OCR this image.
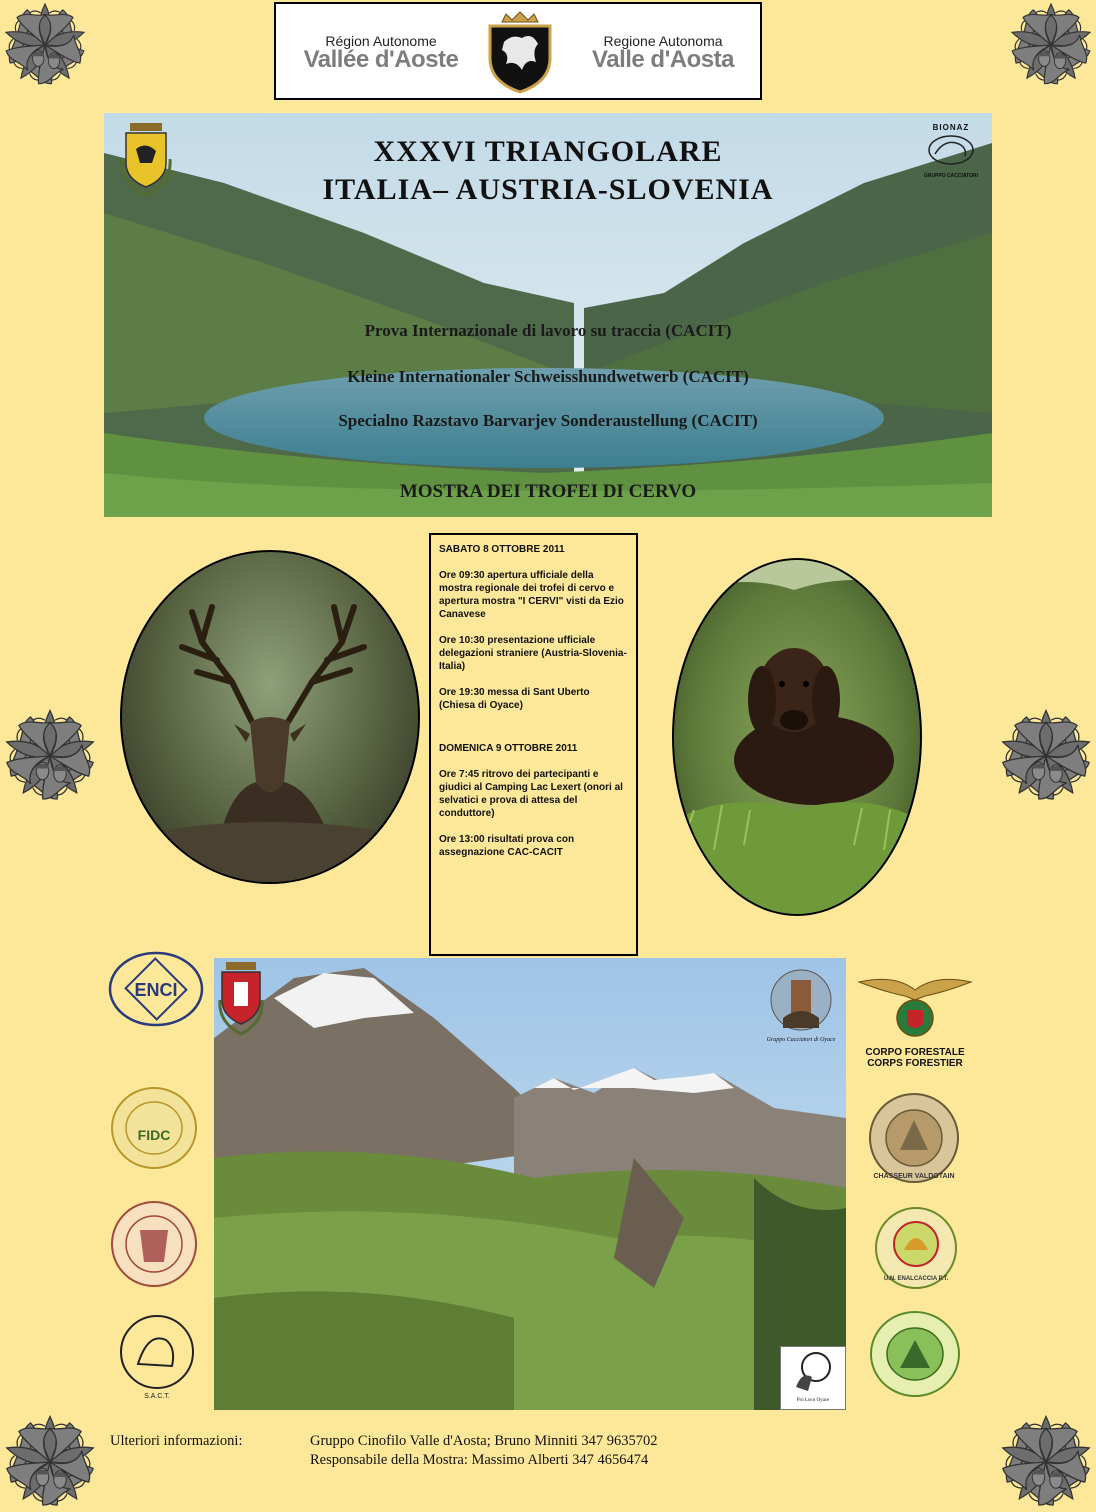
Région Autonome
Vallée d'Aoste
Regione Autonoma
Valle d'Aosta
BIONAZ
GRUPPO CACCIATORI
XXXVI TRIANGOLARE
ITALIA– AUSTRIA-SLOVENIA
Prova Internazionale di lavoro su traccia (CACIT)
Kleine Internationaler Schweisshundwetwerb (CACIT)
Specialno Razstavo Barvarjev Sonderaustellung (CACIT)
MOSTRA DEI TROFEI DI CERVO

SABATO 8 OTTOBRE 2011

Ore 09:30 apertura ufficiale della mostra regionale dei trofei di cervo e apertura mostra "I CERVI" visti da Ezio Canavese

Ore 10:30 presentazione ufficiale delegazioni straniere (Austria-Slovenia-Italia)

Ore 19:30 messa di Sant Uberto (Chiesa di Oyace)

DOMENICA 9 OTTOBRE 2011

Ore 7:45 ritrovo dei partecipanti e giudici al Camping Lac Lexert (onori al selvatici e prova di attesa del conduttore)

Ore 13:00 risultati prova con assegnazione CAC-CACIT

Gruppo Cacciatori di Oyace
Pro Loco Oyace
ENCI
FIDC
S.A.C.T.
CORPO FORESTALE
CORPS FORESTIER
CHASSEUR VALDOTAIN
U.N. ENALCACCIA P.T.
Ulteriori informazioni:	Gruppo Cinofilo Valle d'Aosta; Bruno Minniti 347 9635702
Responsabile della Mostra: Massimo Alberti 347 4656474
